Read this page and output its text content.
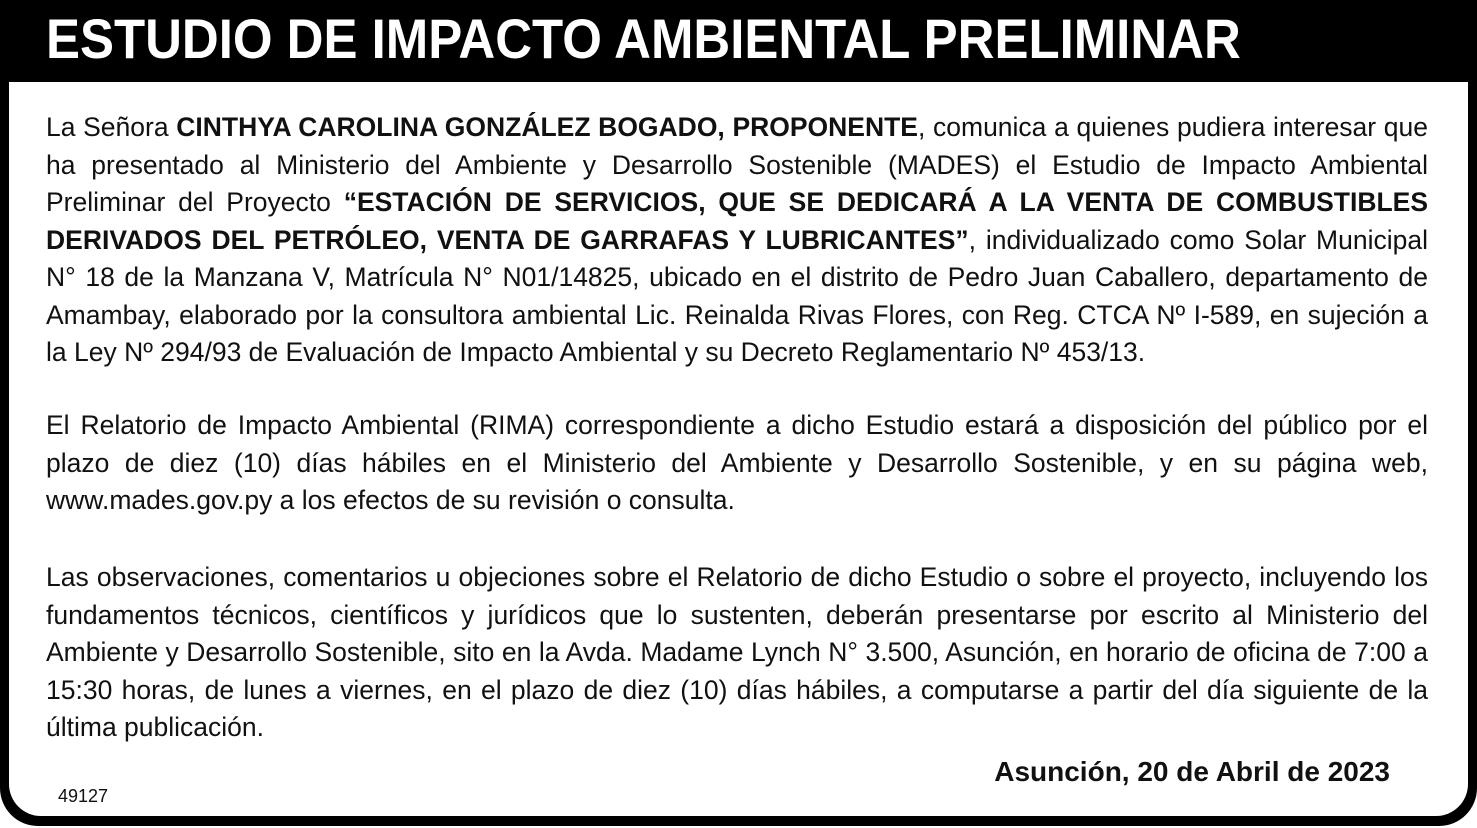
ESTUDIO DE IMPACTO AMBIENTAL PRELIMINAR

La Señora CINTHYA CAROLINA GONZÁLEZ BOGADO, PROPONENTE, comunica a quienes pudiera interesar que ha presentado al Ministerio del Ambiente y Desarrollo Sostenible (MADES) el Estudio de Impacto Ambiental Preliminar del Proyecto “ESTACIÓN DE SERVICIOS, QUE SE DEDICARÁ A LA VENTA DE COMBUSTIBLES DERIVADOS DEL PETRÓLEO, VENTA DE GARRAFAS Y LUBRICANTES”, individualizado como Solar Municipal N° 18 de la Manzana V, Matrícula N° N01/14825, ubicado en el distrito de Pedro Juan Caballero, departamento de Amambay, elaborado por la consultora ambiental Lic. Reinalda Rivas Flores, con Reg. CTCA Nº I-589, en sujeción a la Ley Nº 294/93 de Evaluación de Impacto Ambiental y su Decreto Reglamentario Nº 453/13.

El Relatorio de Impacto Ambiental (RIMA) correspondiente a dicho Estudio estará a disposición del público por el plazo de diez (10) días hábiles en el Ministerio del Ambiente y Desarrollo Sostenible, y en su página web, www.mades.gov.py a los efectos de su revisión o consulta.

Las observaciones, comentarios u objeciones sobre el Relatorio de dicho Estudio o sobre el proyecto, incluyendo los fundamentos técnicos, científicos y jurídicos que lo sustenten, deberán presentarse por escrito al Ministerio del Ambiente y Desarrollo Sostenible, sito en la Avda. Madame Lynch N° 3.500, Asunción, en horario de oficina de 7:00 a 15:30 horas, de lunes a viernes, en el plazo de diez (10) días hábiles, a computarse a partir del día siguiente de la última publicación.

Asunción, 20 de Abril de 2023

49127
